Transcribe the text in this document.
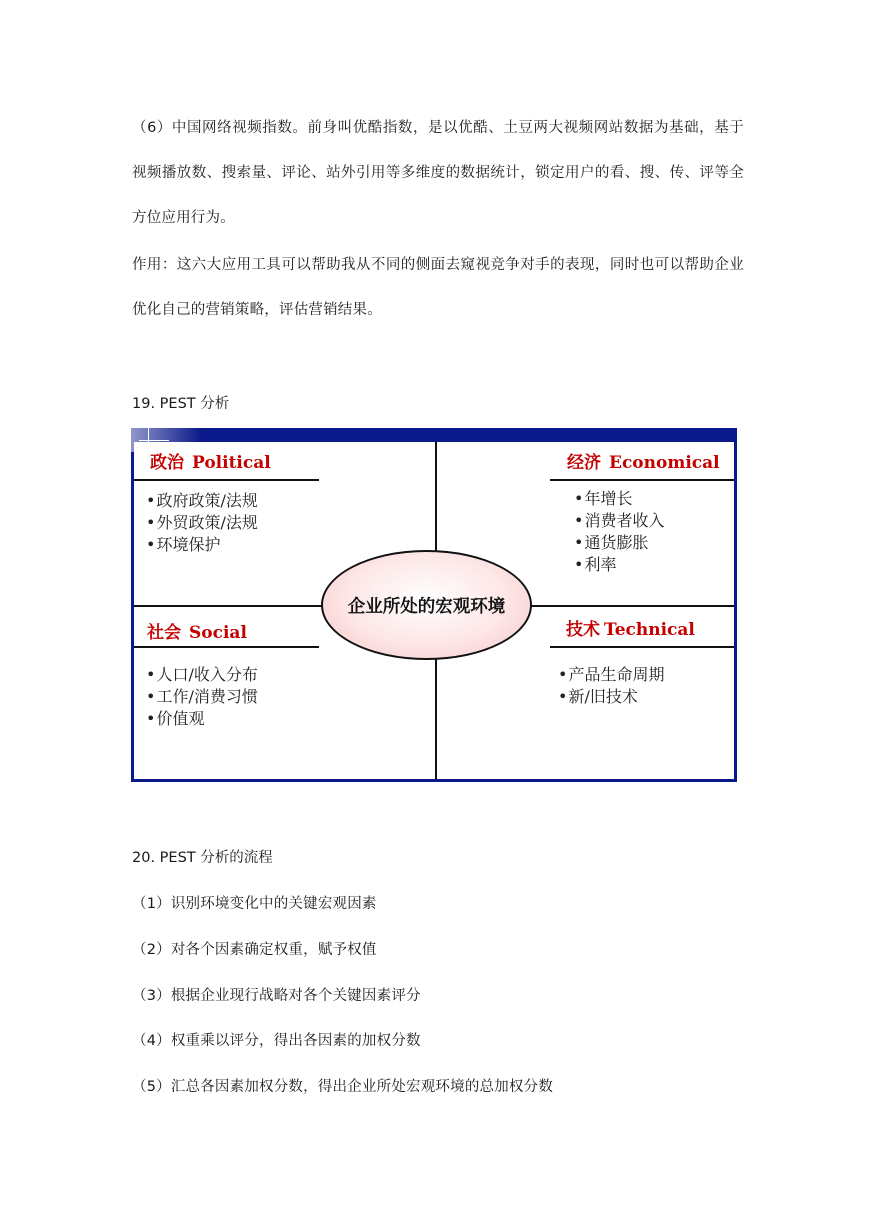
（6）中国网络视频指数。前身叫优酷指数，是以优酷、土豆两大视频网站数据为基础，基于视频播放数、搜索量、评论、站外引用等多维度的数据统计，锁定用户的看、搜、传、评等全方位应用行为。
作用：这六大应用工具可以帮助我从不同的侧面去窥视竞争对手的表现，同时也可以帮助企业优化自己的营销策略，评估营销结果。
19. PEST 分析
政治 Political
• 政府政策/法规
• 外贸政策/法规
• 环境保护
经济 Economical
• 年增长
• 消费者收入
• 通货膨胀
• 利率
社会 Social
• 人口/收入分布
• 工作/消费习惯
• 价值观
技术 Technical
• 产品生命周期
• 新/旧技术
企业所处的宏观环境
20. PEST 分析的流程
（1）识别环境变化中的关键宏观因素
（2）对各个因素确定权重，赋予权值
（3）根据企业现行战略对各个关键因素评分
（4）权重乘以评分，得出各因素的加权分数
（5）汇总各因素加权分数，得出企业所处宏观环境的总加权分数
